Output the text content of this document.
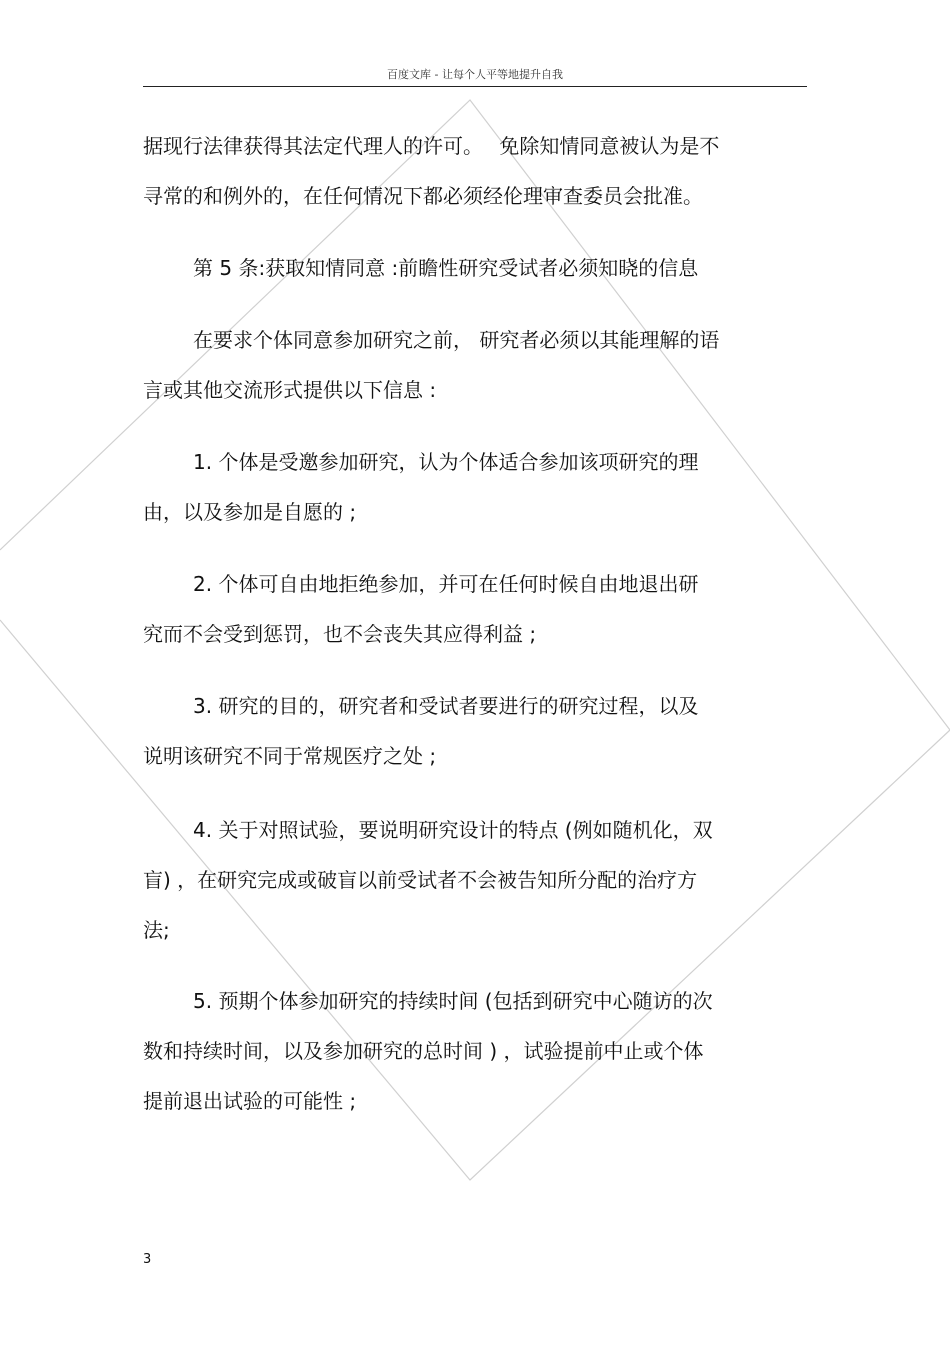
百度文库 - 让每个人平等地提升自我
据现行法律获得其法定代理人的许可。　 免除知情同意被认为是不
寻常的和例外的，在任何情况下都必须经伦理审查委员会批准。
第 5 条:获取知情同意 :前瞻性研究受试者必须知晓的信息
在要求个体同意参加研究之前， 研究者必须以其能理解的语
言或其他交流形式提供以下信息 :
1. 个体是受邀参加研究，认为个体适合参加该项研究的理
由，以及参加是自愿的 ;
2. 个体可自由地拒绝参加，并可在任何时候自由地退出研
究而不会受到惩罚，也不会丧失其应得利益 ;
3. 研究的目的，研究者和受试者要进行的研究过程，以及
说明该研究不同于常规医疗之处 ;
4. 关于对照试验，要说明研究设计的特点 (例如随机化，双
盲) ，在研究完成或破盲以前受试者不会被告知所分配的治疗方
法;
5. 预期个体参加研究的持续时间 (包括到研究中心随访的次
数和持续时间，以及参加研究的总时间 ) ，试验提前中止或个体
提前退出试验的可能性 ;
3
